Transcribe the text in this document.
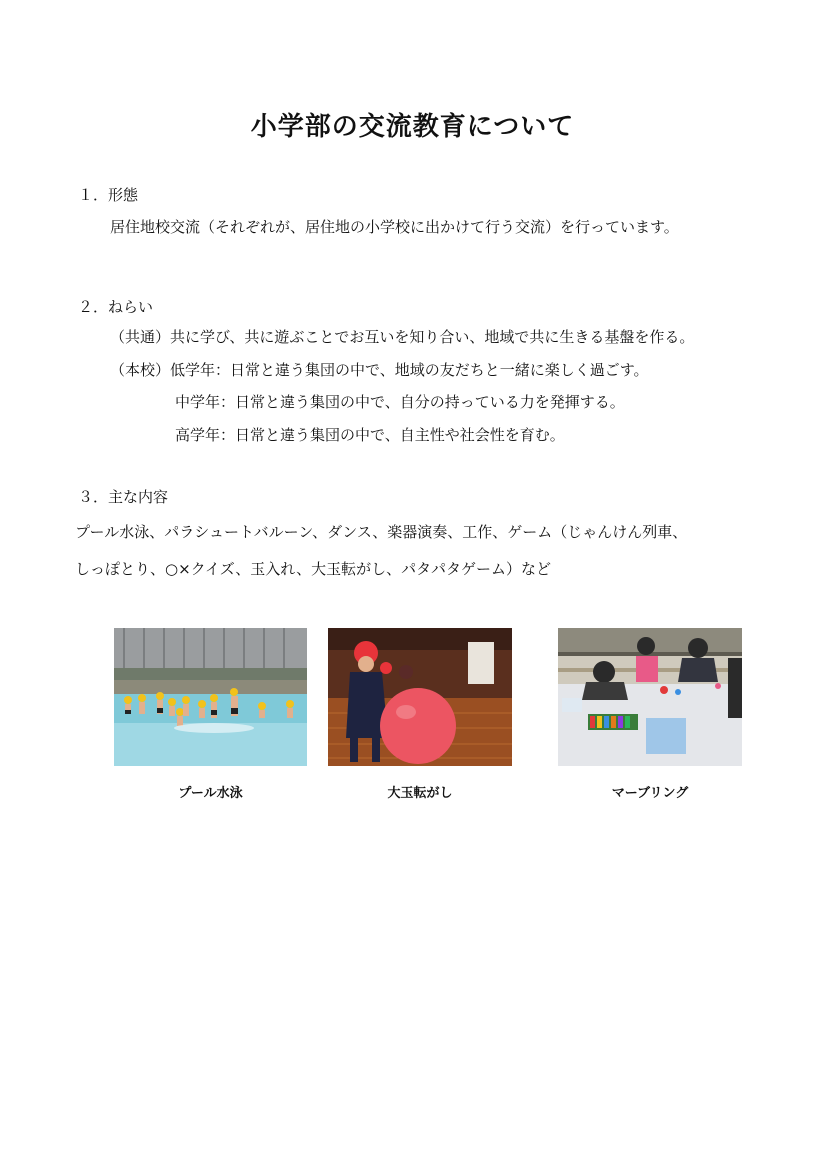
小学部の交流教育について
１．形態
居住地校交流（それぞれが、居住地の小学校に出かけて行う交流）を行っています。
２．ねらい
（共通）共に学び、共に遊ぶことでお互いを知り合い、地域で共に生きる基盤を作る。
（本校）低学年：日常と違う集団の中で、地域の友だちと一緒に楽しく過ごす。
中学年：日常と違う集団の中で、自分の持っている力を発揮する。
高学年：日常と違う集団の中で、自主性や社会性を育む。
３．主な内容
プール水泳、パラシュートバルーン、ダンス、楽器演奏、工作、ゲーム（じゃんけん列車、
しっぽとり、○×クイズ、玉入れ、大玉転がし、パタパタゲーム）など
プール水泳	大玉転がし	マーブリング
